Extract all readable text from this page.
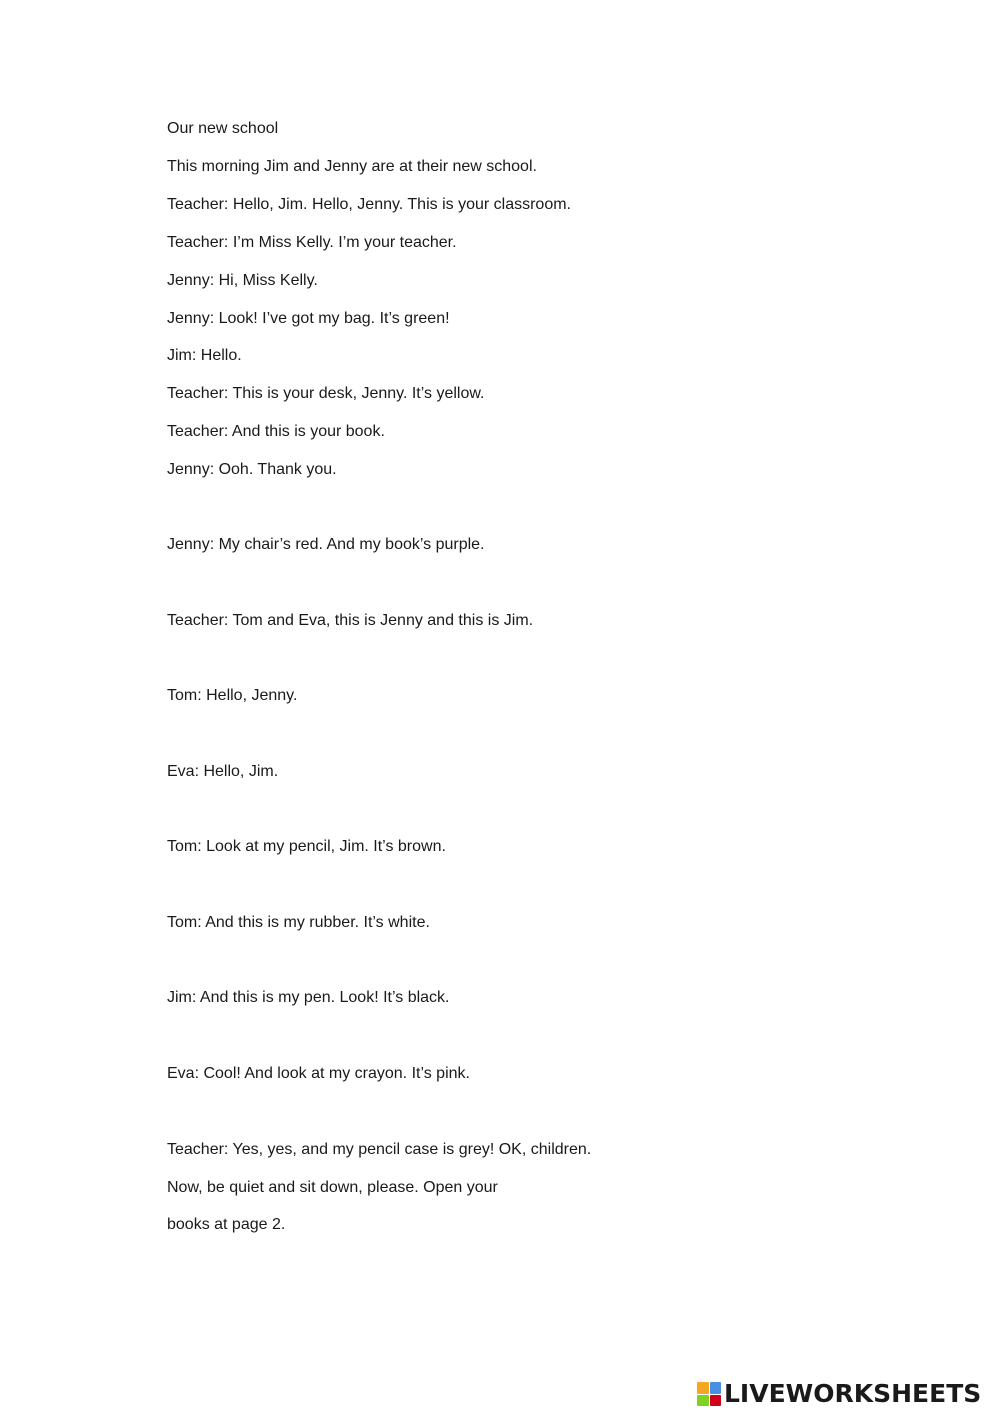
Our new school
This morning Jim and Jenny are at their new school.
Teacher: Hello, Jim. Hello, Jenny. This is your classroom.
Teacher: I’m Miss Kelly. I’m your teacher.
Jenny: Hi, Miss Kelly.
Jenny: Look! I’ve got my bag. It’s green!
Jim: Hello.
Teacher: This is your desk, Jenny. It’s yellow.
Teacher: And this is your book.
Jenny: Ooh. Thank you.
Jenny: My chair’s red. And my book’s purple.
Teacher: Tom and Eva, this is Jenny and this is Jim.
Tom: Hello, Jenny.
Eva: Hello, Jim.
Tom: Look at my pencil, Jim. It’s brown.
Tom: And this is my rubber. It’s white.
Jim: And this is my pen. Look! It’s black.
Eva: Cool! And look at my crayon. It’s pink.
Teacher: Yes, yes, and my pencil case is grey! OK, children.
Now, be quiet and sit down, please. Open your
books at page 2.
LIVEWORKSHEETS
